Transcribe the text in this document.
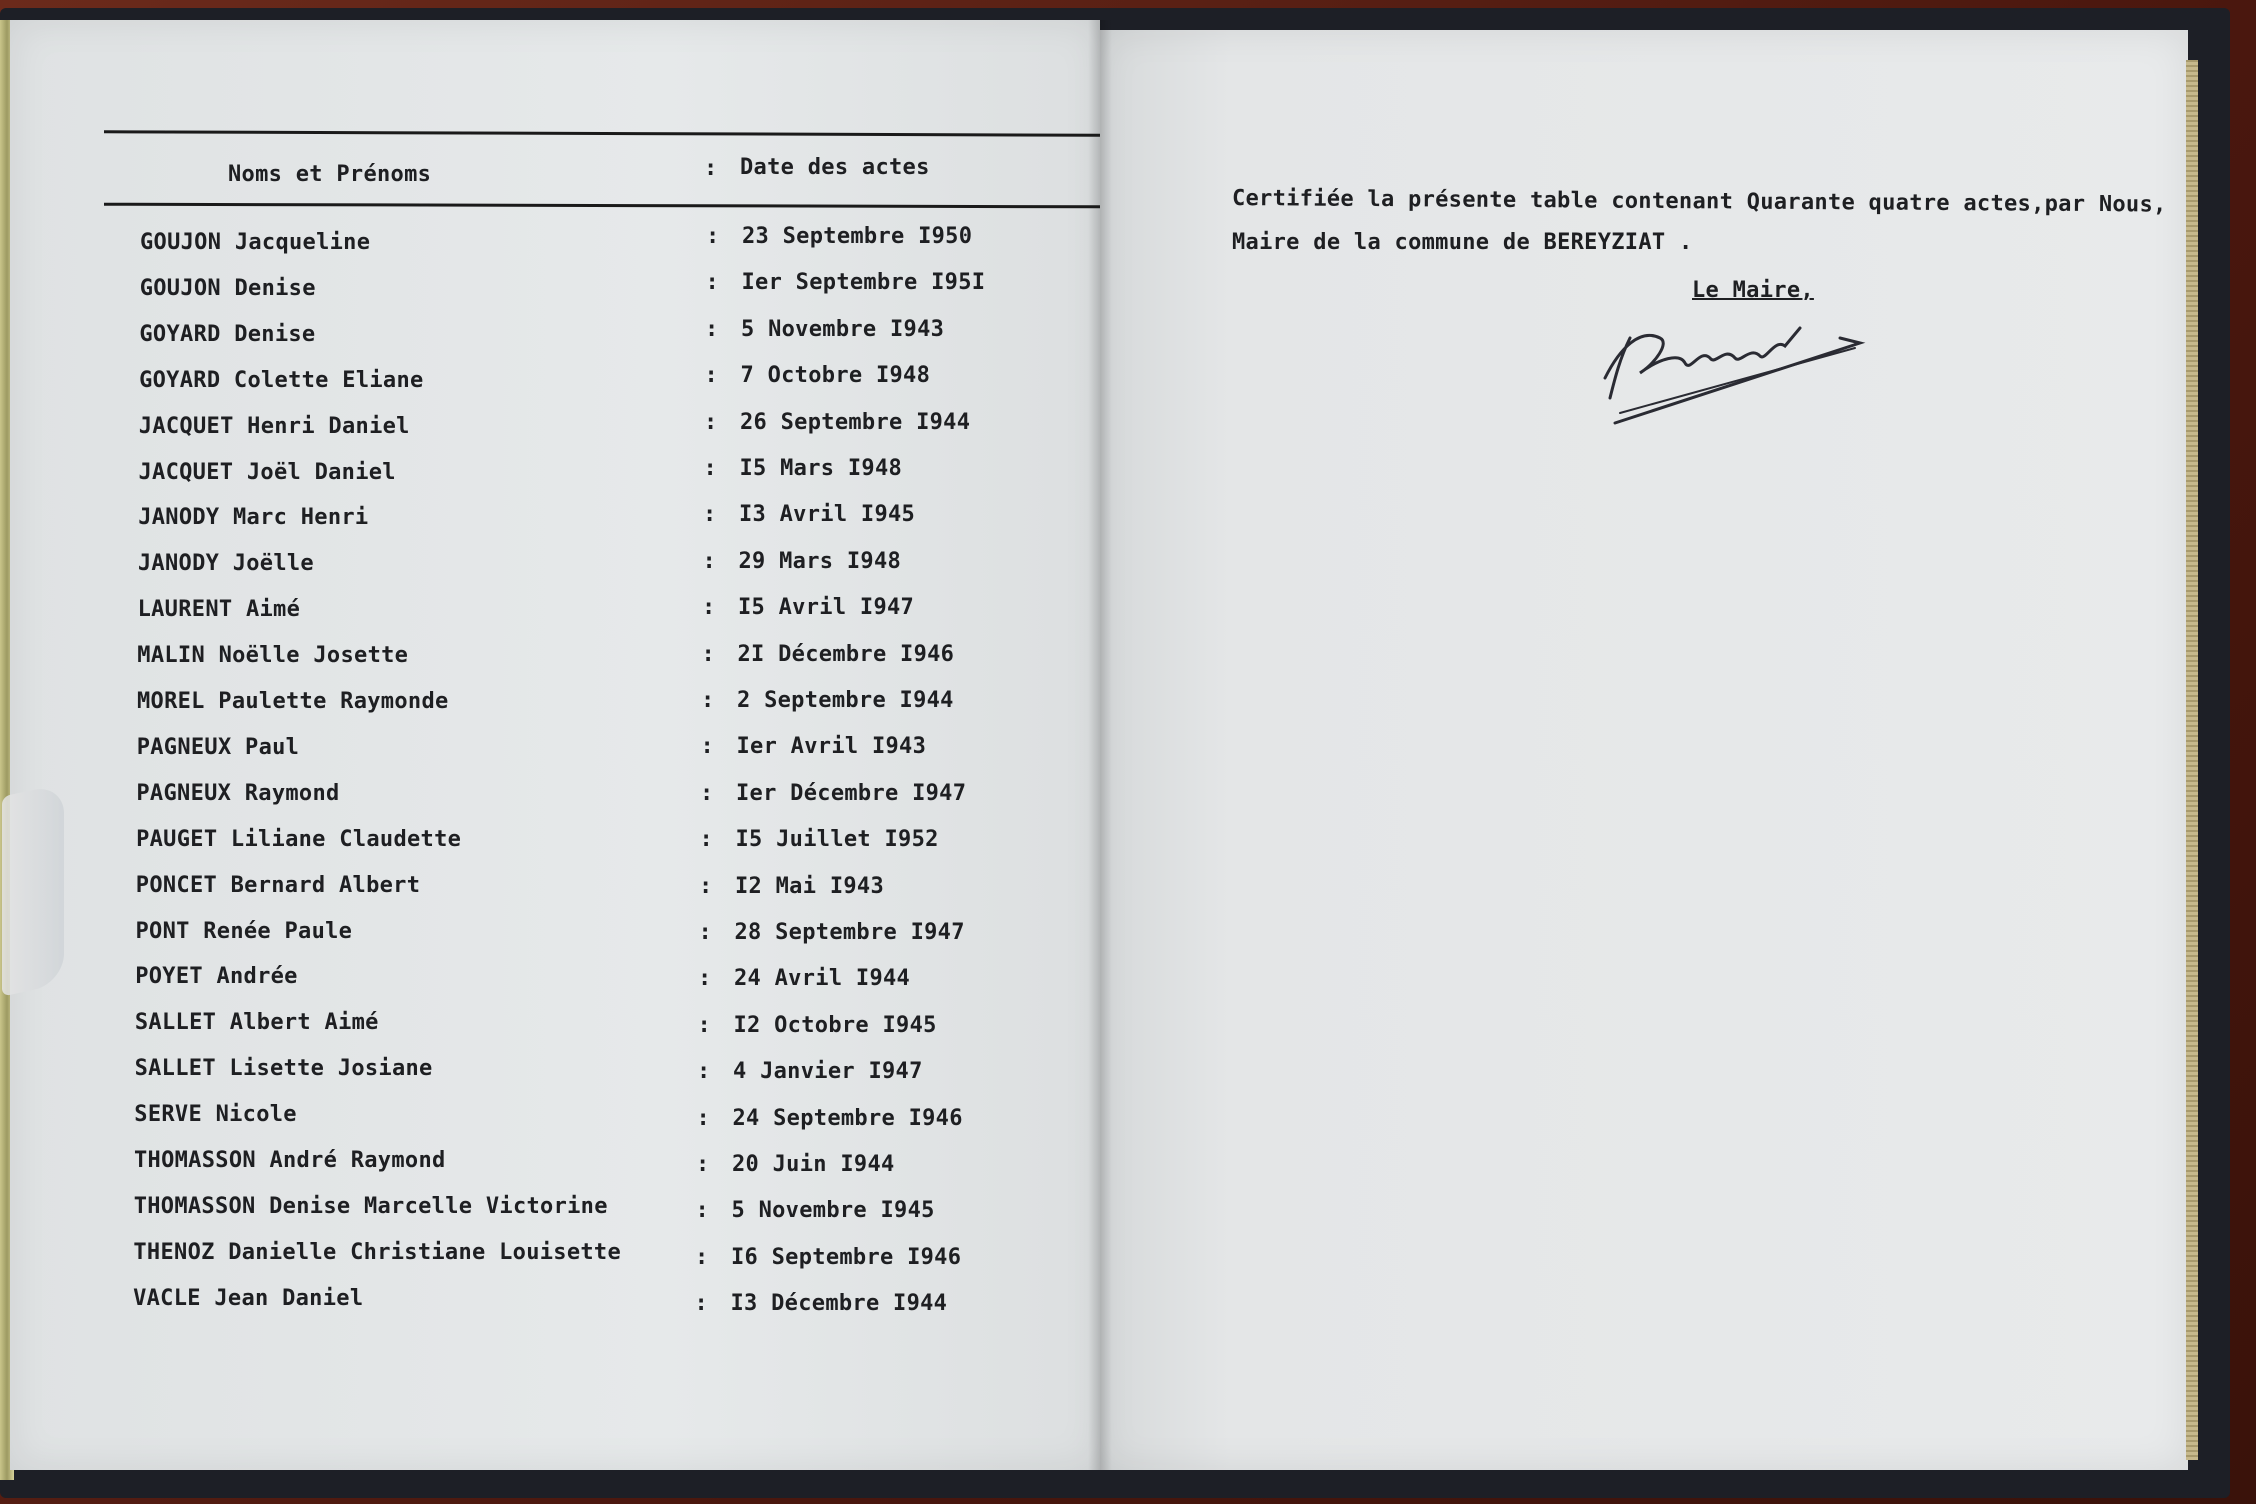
Noms et Prénoms	: Date des actes
GOUJON Jacqueline	: 23 Septembre I950
GOUJON Denise	: Ier Septembre I95I
GOYARD Denise	: 5 Novembre I943
GOYARD Colette Eliane	: 7 Octobre I948
JACQUET Henri Daniel	: 26 Septembre I944
JACQUET Joël Daniel	: I5 Mars I948
JANODY Marc Henri	: I3 Avril I945
JANODY Joëlle	: 29 Mars I948
LAURENT Aimé	: I5 Avril I947
MALIN Noëlle Josette	: 2I Décembre I946
MOREL Paulette Raymonde	: 2 Septembre I944
PAGNEUX Paul	: Ier Avril I943
PAGNEUX Raymond	: Ier Décembre I947
PAUGET Liliane Claudette	: I5 Juillet I952
PONCET Bernard Albert	: I2 Mai I943
PONT Renée Paule	: 28 Septembre I947
POYET Andrée	: 24 Avril I944
SALLET Albert Aimé	: I2 Octobre I945
SALLET Lisette Josiane	: 4 Janvier I947
SERVE Nicole	: 24 Septembre I946
THOMASSON André Raymond	: 20 Juin I944
THOMASSON Denise Marcelle Victorine	: 5 Novembre I945
THENOZ Danielle Christiane Louisette	: I6 Septembre I946
VACLE Jean Daniel	: I3 Décembre I944
Certifiée la présente table contenant Quarante quatre actes,par Nous,
Maire de la commune de BEREYZIAT .
Le Maire,
